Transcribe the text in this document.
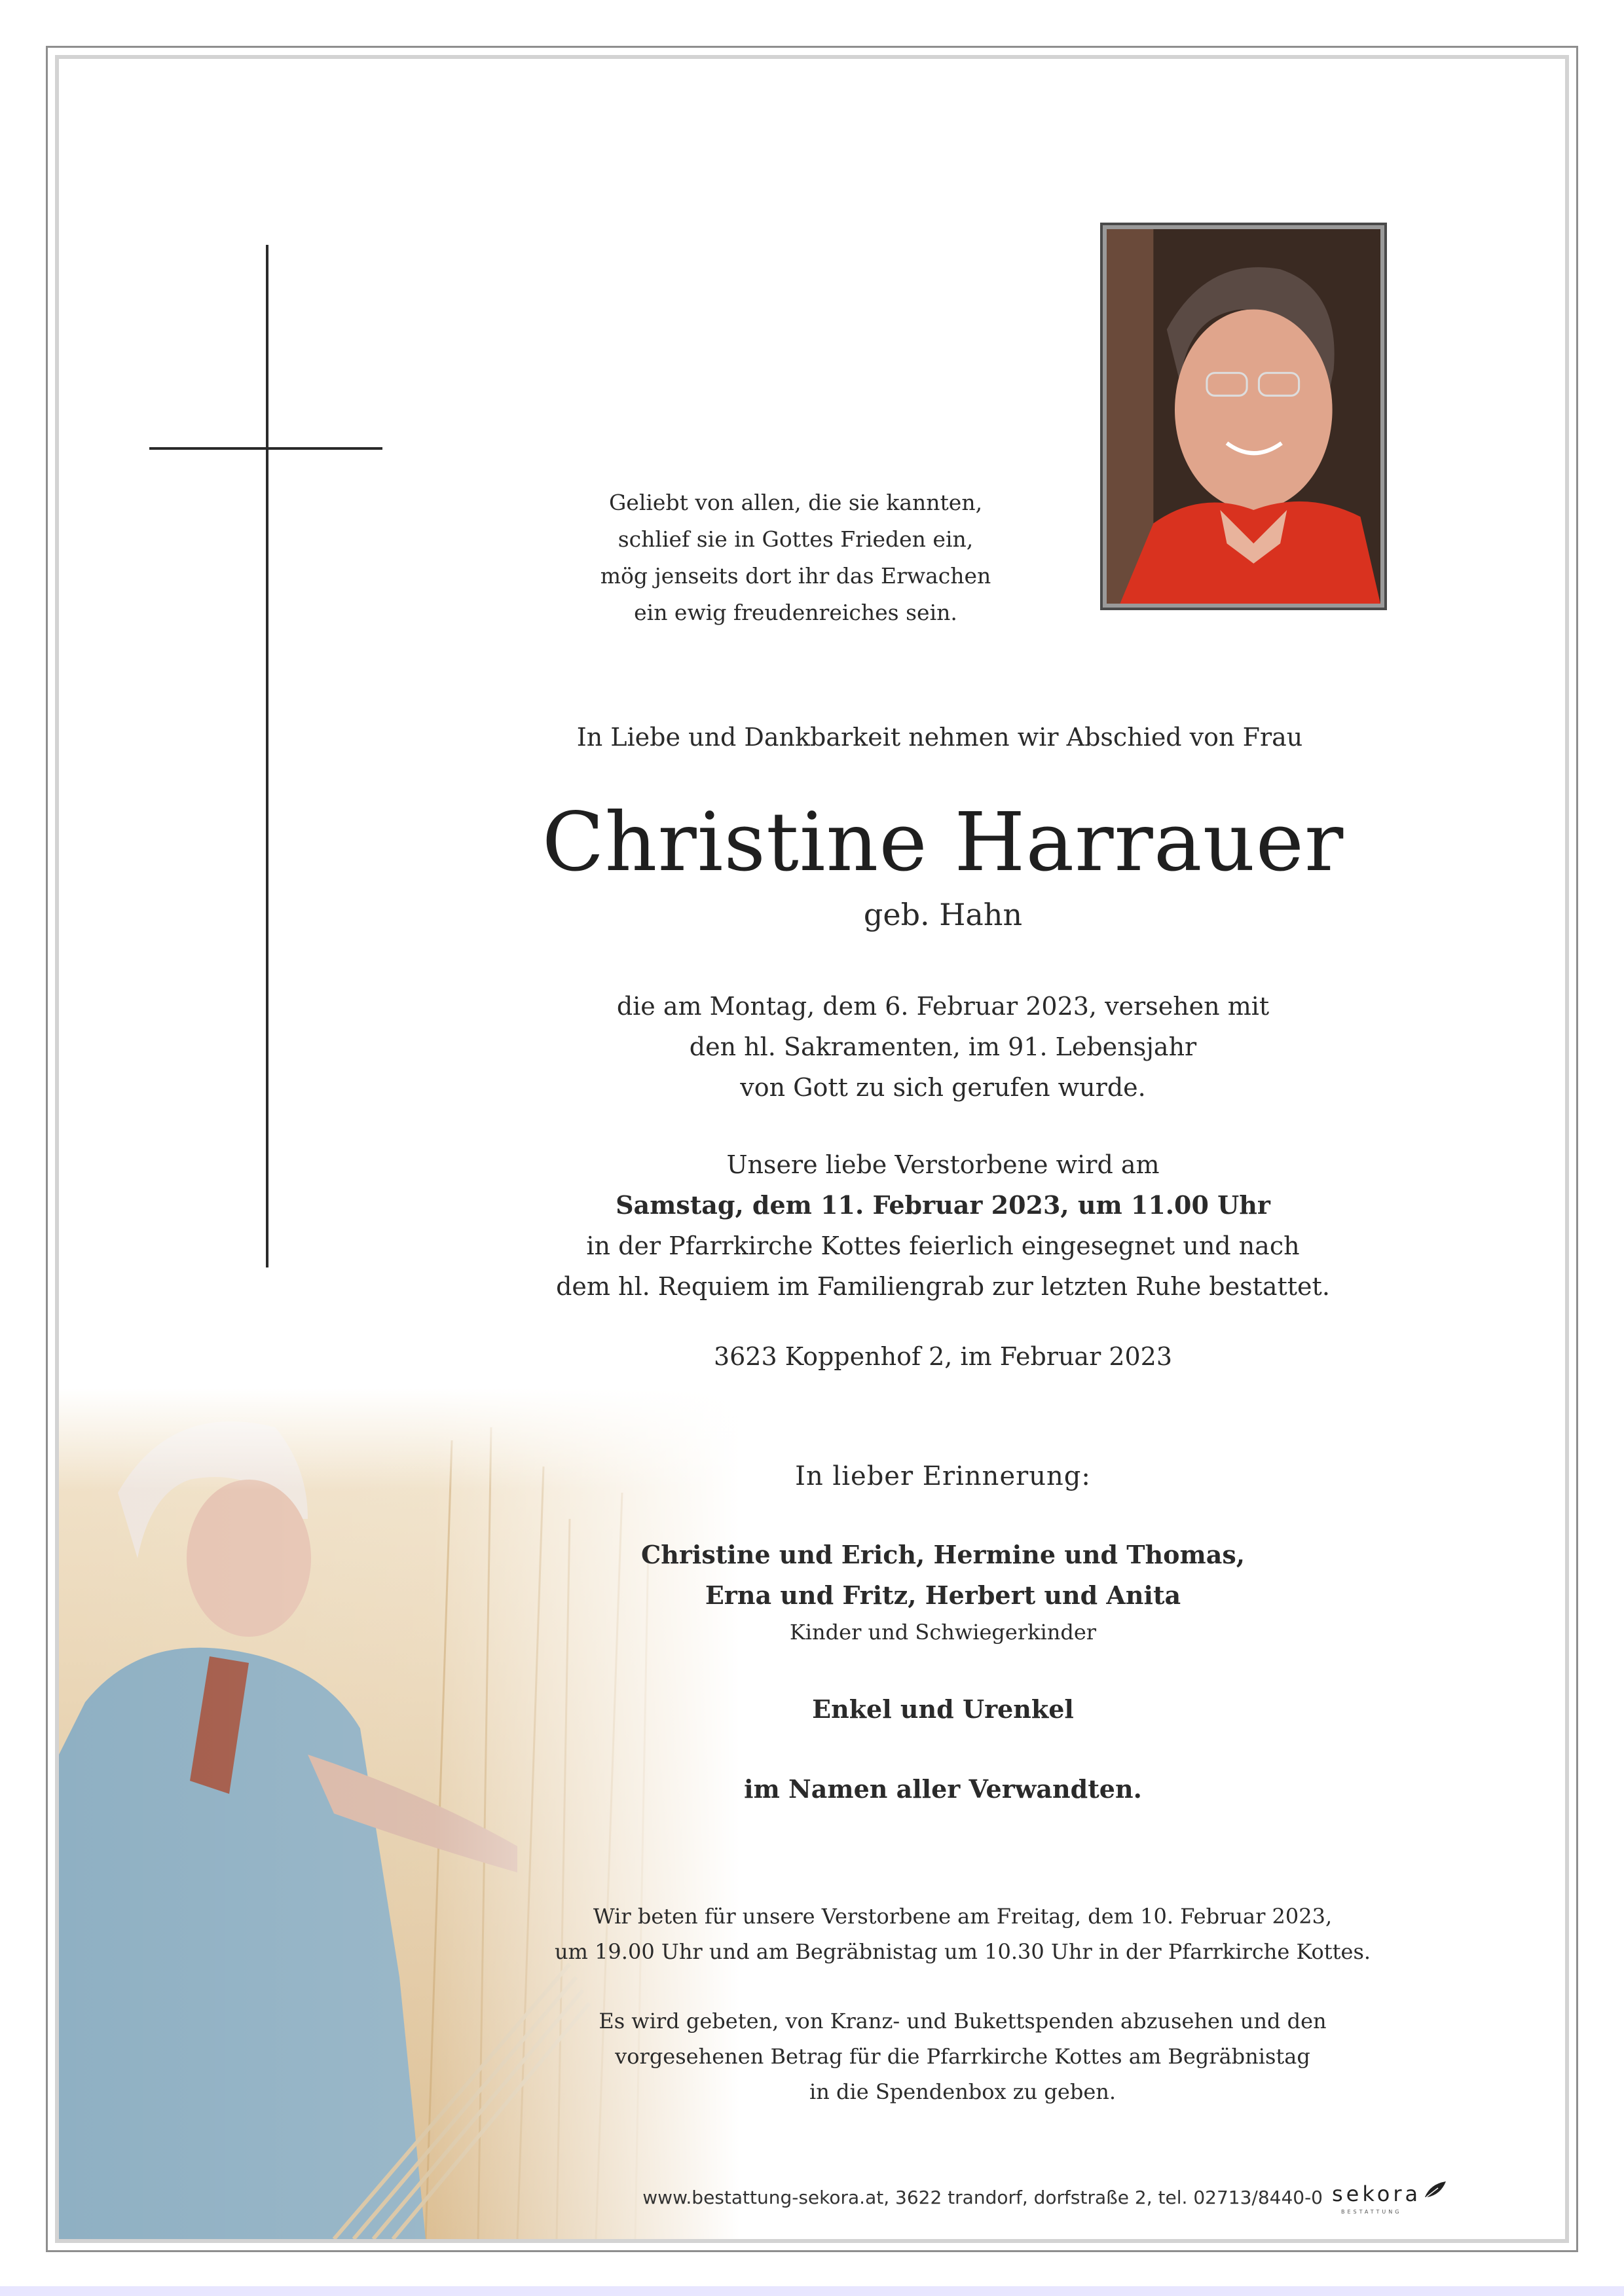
Geliebt von allen, die sie kannten,
schlief sie in Gottes Frieden ein,
mög jenseits dort ihr das Erwachen
ein ewig freudenreiches sein.
In Liebe und Dankbarkeit nehmen wir Abschied von Frau
Christine Harrauer
geb. Hahn
die am Montag, dem 6. Februar 2023, versehen mit
den hl. Sakramenten, im 91. Lebensjahr
von Gott zu sich gerufen wurde.
Unsere liebe Verstorbene wird am
Samstag, dem 11. Februar 2023, um 11.00 Uhr
in der Pfarrkirche Kottes feierlich eingesegnet und nach
dem hl. Requiem im Familiengrab zur letzten Ruhe bestattet.
3623 Koppenhof 2, im Februar 2023
In lieber Erinnerung:
Christine und Erich, Hermine und Thomas,
Erna und Fritz, Herbert und Anita
Kinder und Schwiegerkinder
Enkel und Urenkel
im Namen aller Verwandten.
Wir beten für unsere Verstorbene am Freitag, dem 10. Februar 2023,
um 19.00 Uhr und am Begräbnistag um 10.30 Uhr in der Pfarrkirche Kottes.
Es wird gebeten, von Kranz- und Bukettspenden abzusehen und den
vorgesehenen Betrag für die Pfarrkirche Kottes am Begräbnistag
in die Spendenbox zu geben.
www.bestattung-sekora.at, 3622 trandorf, dorfstraße 2, tel. 02713/8440-0 sekora
BESTATTUNG
